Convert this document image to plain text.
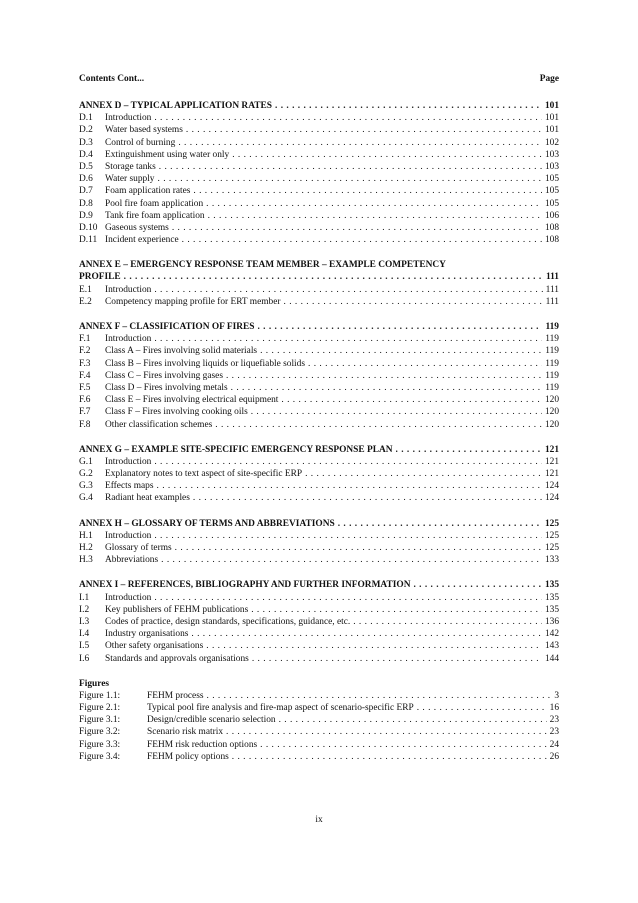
Contents Cont...	Page
ANNEX D – TYPICAL APPLICATION RATES . . .	101
D.1	Introduction . . .	101
D.2	Water based systems . . .	101
D.3	Control of burning . . .	102
D.4	Extinguishment using water only . . .	103
D.5	Storage tanks . . .	103
D.6	Water supply . . .	105
D.7	Foam application rates . . .	105
D.8	Pool fire foam application . . .	105
D.9	Tank fire foam application . . .	106
D.10 Gaseous systems . . .	108
D.11 Incident experience . . .	108
ANNEX E – EMERGENCY RESPONSE TEAM MEMBER – EXAMPLE COMPETENCY
PROFILE . . .	111
E.1	Introduction . . .	111
E.2	Competency mapping profile for ERT member . . .	111
ANNEX F – CLASSIFICATION OF FIRES . . .	119
F.1	Introduction . . .	119
F.2	Class A – Fires involving solid materials . . .	119
F.3	Class B – Fires involving liquids or liquefiable solids . . .	119
F.4	Class C – Fires involving gases . . .	119
F.5	Class D – Fires involving metals . . .	119
F.6	Class E – Fires involving electrical equipment . . .	120
F.7	Class F – Fires involving cooking oils . . .	120
F.8	Other classification schemes . . .	120
ANNEX G – EXAMPLE SITE-SPECIFIC EMERGENCY RESPONSE PLAN . . .	121
G.1	Introduction . . .	121
G.2	Explanatory notes to text aspect of site-specific ERP . . .	121
G.3	Effects maps . . .	124
G.4	Radiant heat examples . . .	124
ANNEX H – GLOSSARY OF TERMS AND ABBREVIATIONS . . .	125
H.1	Introduction . . .	125
H.2	Glossary of terms . . .	125
H.3	Abbreviations . . .	133
ANNEX I – REFERENCES, BIBLIOGRAPHY AND FURTHER INFORMATION . . .	135
I.1	Introduction . . .	135
I.2	Key publishers of FEHM publications . . .	135
I.3	Codes of practice, design standards, specifications, guidance, etc. . . .	136
I.4	Industry organisations . . .	142
I.5	Other safety organisations . . .	143
I.6	Standards and approvals organisations . . .	144
Figures
Figure 1.1:	FEHM process . . .	3
Figure 2.1:	Typical pool fire analysis and fire-map aspect of scenario-specific ERP . . .	16
Figure 3.1:	Design/credible scenario selection . . .	23
Figure 3.2:	Scenario risk matrix . . .	23
Figure 3.3:	FEHM risk reduction options . . .	24
Figure 3.4:	FEHM policy options . . .	26
ix
